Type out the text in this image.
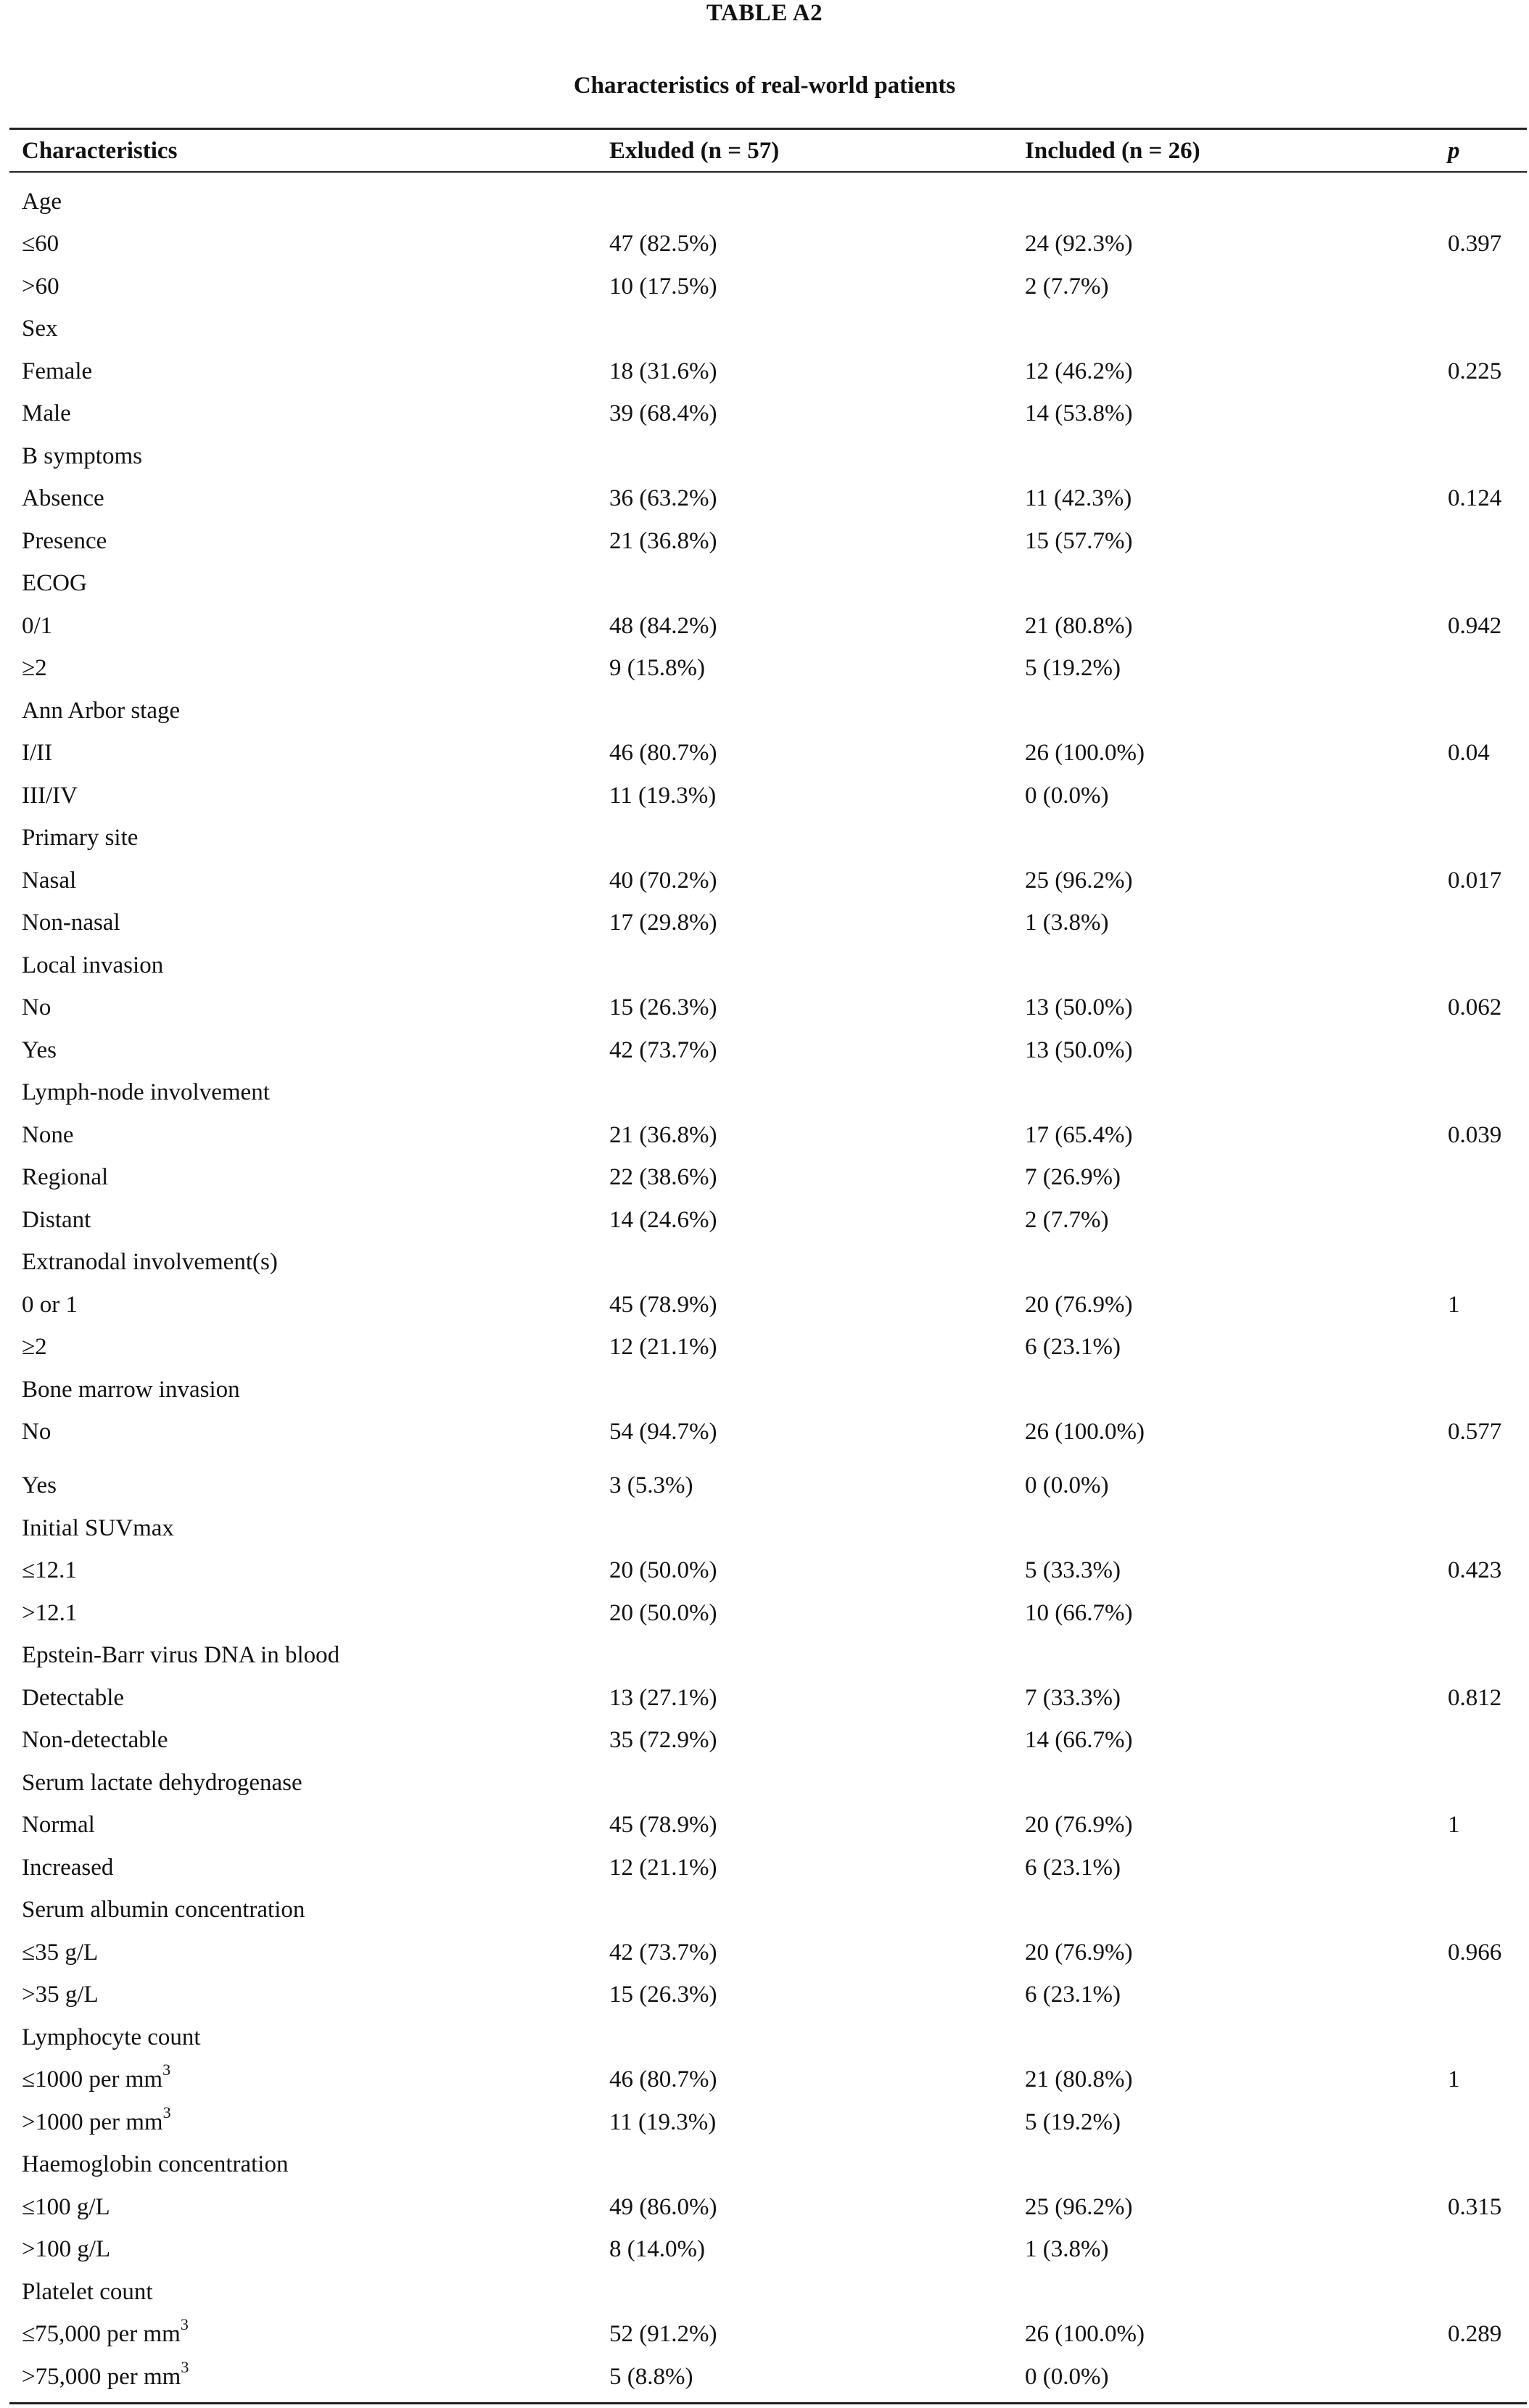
TABLE A2
Characteristics of real-world patients
Characteristics	Exluded (n = 57)	Included (n = 26)	p
Age
≤60	47 (82.5%)	24 (92.3%)	0.397
>60	10 (17.5%)	2 (7.7%)
Sex
Female	18 (31.6%)	12 (46.2%)	0.225
Male	39 (68.4%)	14 (53.8%)
B symptoms
Absence	36 (63.2%)	11 (42.3%)	0.124
Presence	21 (36.8%)	15 (57.7%)
ECOG
0/1	48 (84.2%)	21 (80.8%)	0.942
≥2	9 (15.8%)	5 (19.2%)
Ann Arbor stage
I/II	46 (80.7%)	26 (100.0%)	0.04
III/IV	11 (19.3%)	0 (0.0%)
Primary site
Nasal	40 (70.2%)	25 (96.2%)	0.017
Non-nasal	17 (29.8%)	1 (3.8%)
Local invasion
No	15 (26.3%)	13 (50.0%)	0.062
Yes	42 (73.7%)	13 (50.0%)
Lymph-node involvement
None	21 (36.8%)	17 (65.4%)	0.039
Regional	22 (38.6%)	7 (26.9%)
Distant	14 (24.6%)	2 (7.7%)
Extranodal involvement(s)
0 or 1	45 (78.9%)	20 (76.9%)	1
≥2	12 (21.1%)	6 (23.1%)
Bone marrow invasion
No	54 (94.7%)	26 (100.0%)	0.577
Yes	3 (5.3%)	0 (0.0%)
Initial SUVmax
≤12.1	20 (50.0%)	5 (33.3%)	0.423
>12.1	20 (50.0%)	10 (66.7%)
Epstein-Barr virus DNA in blood
Detectable	13 (27.1%)	7 (33.3%)	0.812
Non-detectable	35 (72.9%)	14 (66.7%)
Serum lactate dehydrogenase
Normal	45 (78.9%)	20 (76.9%)	1
Increased	12 (21.1%)	6 (23.1%)
Serum albumin concentration
≤35 g/L	42 (73.7%)	20 (76.9%)	0.966
>35 g/L	15 (26.3%)	6 (23.1%)
Lymphocyte count
≤1000 per $mm^3$	46 (80.7%)	21 (80.8%)	1
>1000 per $mm^3$	11 (19.3%)	5 (19.2%)
Haemoglobin concentration
≤100 g/L	49 (86.0%)	25 (96.2%)	0.315
>100 g/L	8 (14.0%)	1 (3.8%)
Platelet count
≤75,000 per $mm^3$	52 (91.2%)	26 (100.0%)	0.289
>75,000 per $mm^3$	5 (8.8%)	0 (0.0%)
